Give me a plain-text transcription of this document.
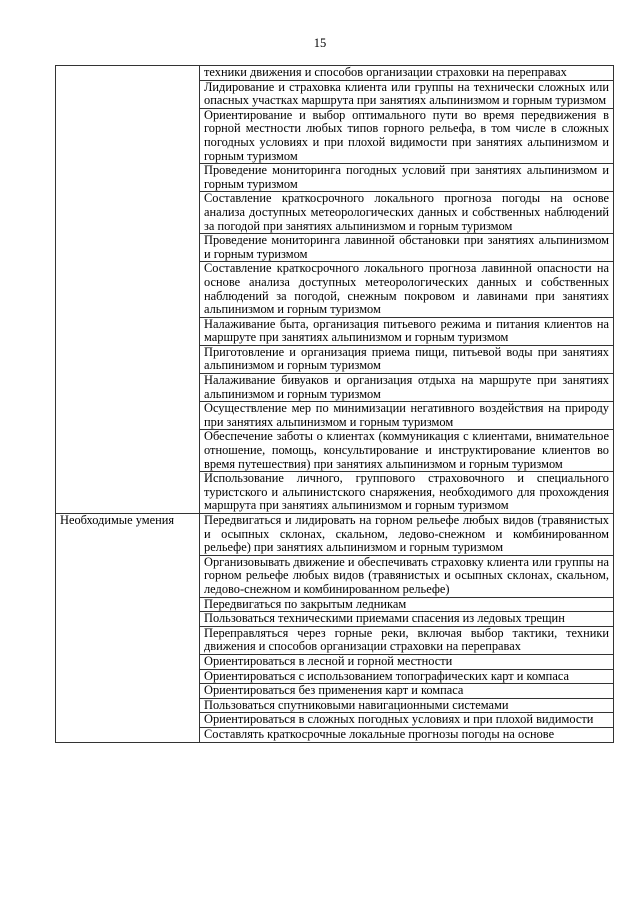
15
	техники движения и способов организации страховки на переправах
	Лидирование и страховка клиента или группы на технически сложных или опасных участках маршрута при занятиях альпинизмом и горным туризмом
	Ориентирование и выбор оптимального пути во время передвижения в горной местности любых типов горного рельефа, в том числе в сложных погодных условиях и при плохой видимости при занятиях альпинизмом и горным туризмом
	Проведение мониторинга погодных условий при занятиях альпинизмом и горным туризмом
	Составление краткосрочного локального прогноза погоды на основе анализа доступных метеорологических данных и собственных наблюдений за погодой при занятиях альпинизмом и горным туризмом
	Проведение мониторинга лавинной обстановки при занятиях альпинизмом и горным туризмом
	Составление краткосрочного локального прогноза лавинной опасности на основе анализа доступных метеорологических данных и собственных наблюдений за погодой, снежным покровом и лавинами при занятиях альпинизмом и горным туризмом
	Налаживание быта, организация питьевого режима и питания клиентов на маршруте при занятиях альпинизмом и горным туризмом
	Приготовление и организация приема пищи, питьевой воды при занятиях альпинизмом и горным туризмом
	Налаживание бивуаков и организация отдыха на маршруте при занятиях альпинизмом и горным туризмом
	Осуществление мер по минимизации негативного воздействия на природу при занятиях альпинизмом и горным туризмом
	Обеспечение заботы о клиентах (коммуникация с клиентами, внимательное отношение, помощь, консультирование и инструктирование клиентов во время путешествия) при занятиях альпинизмом и горным туризмом
	Использование личного, группового страховочного и специального туристского и альпинистского снаряжения, необходимого для прохождения маршрута при занятиях альпинизмом и горным туризмом
Необходимые умения	Передвигаться и лидировать на горном рельефе любых видов (травянистых и осыпных склонах, скальном, ледово-снежном и комбинированном рельефе) при занятиях альпинизмом и горным туризмом
	Организовывать движение и обеспечивать страховку клиента или группы на горном рельефе любых видов (травянистых и осыпных склонах, скальном, ледово-снежном и комбинированном рельефе)
	Передвигаться по закрытым ледникам
	Пользоваться техническими приемами спасения из ледовых трещин
	Переправляться через горные реки, включая выбор тактики, техники движения и способов организации страховки на переправах
	Ориентироваться в лесной и горной местности
	Ориентироваться с использованием топографических карт и компаса
	Ориентироваться без применения карт и компаса
	Пользоваться спутниковыми навигационными системами
	Ориентироваться в сложных погодных условиях и при плохой видимости
	Составлять краткосрочные локальные прогнозы погоды на основе
